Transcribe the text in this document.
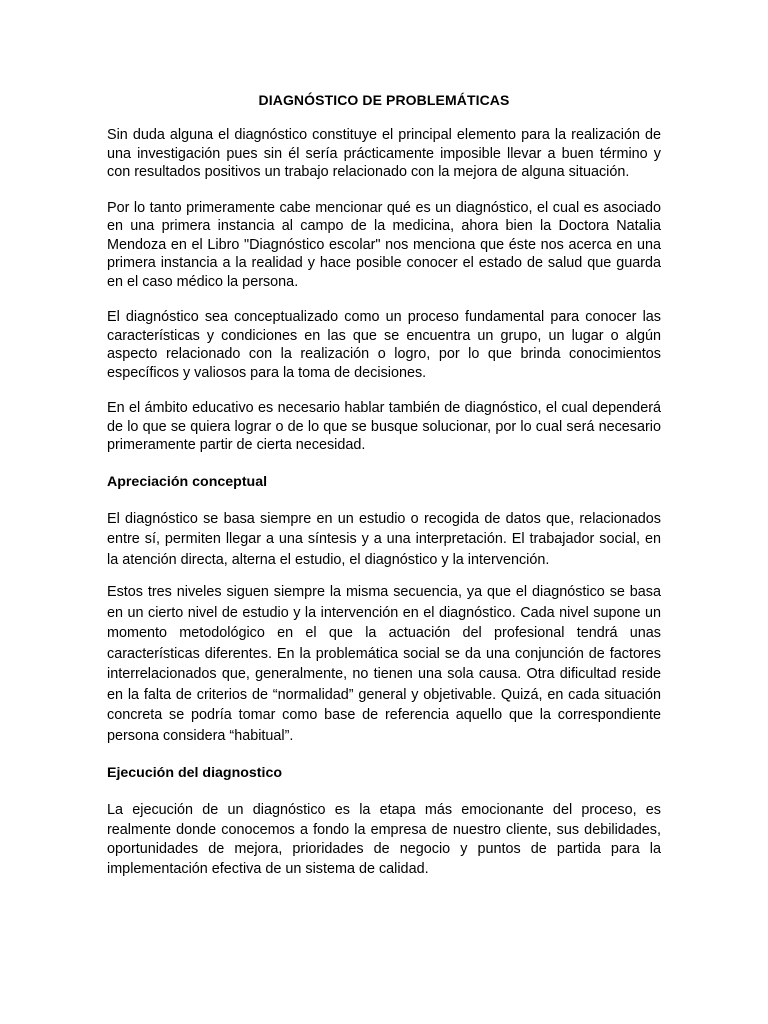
DIAGNÓSTICO DE PROBLEMÁTICAS

Sin duda alguna el diagnóstico constituye el principal elemento para la realización de una investigación pues sin él sería prácticamente imposible llevar a buen término y con resultados positivos un trabajo relacionado con la mejora de alguna situación.

Por lo tanto primeramente cabe mencionar qué es un diagnóstico, el cual es asociado en una primera instancia al campo de la medicina, ahora bien la Doctora Natalia Mendoza en el Libro "Diagnóstico escolar" nos menciona que éste nos acerca en una primera instancia a la realidad y hace posible conocer el estado de salud que guarda en el caso médico la persona.

El diagnóstico sea conceptualizado como un proceso fundamental para conocer las características y condiciones en las que se encuentra un grupo, un lugar o algún aspecto relacionado con la realización o logro, por lo que brinda conocimientos específicos y valiosos para la toma de decisiones.

En el ámbito educativo es necesario hablar también de diagnóstico, el cual dependerá de lo que se quiera lograr o de lo que se busque solucionar, por lo cual será necesario primeramente partir de cierta necesidad.

Apreciación conceptual

El diagnóstico se basa siempre en un estudio o recogida de datos que, relacionados entre sí, permiten llegar a una síntesis y a una interpretación. El trabajador social, en la atención directa, alterna el estudio, el diagnóstico y la intervención.

Estos tres niveles siguen siempre la misma secuencia, ya que el diagnóstico se basa en un cierto nivel de estudio y la intervención en el diagnóstico. Cada nivel supone un momento metodológico en el que la actuación del profesional tendrá unas características diferentes. En la problemática social se da una conjunción de factores interrelacionados que, generalmente, no tienen una sola causa. Otra dificultad reside en la falta de criterios de “normalidad” general y objetivable. Quizá, en cada situación concreta se podría tomar como base de referencia aquello que la correspondiente persona considera “habitual”.

Ejecución del diagnostico

La ejecución de un diagnóstico es la etapa más emocionante del proceso, es realmente donde conocemos a fondo la empresa de nuestro cliente, sus debilidades, oportunidades de mejora, prioridades de negocio y puntos de partida para la implementación efectiva de un sistema de calidad.
